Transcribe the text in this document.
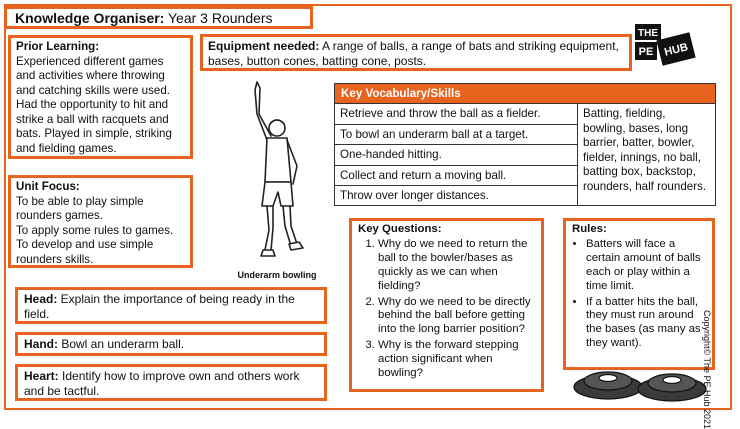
Knowledge Organiser: Year 3 Rounders
Prior Learning:
Experienced different games and activities where throwing and catching skills were used. Had the opportunity to hit and strike a ball with racquets and bats. Played in simple, striking and fielding games.
Unit Focus:
To be able to play simple rounders games.
To apply some rules to games.
To develop and use simple rounders skills.
Equipment needed: A range of balls, a range of bats and striking equipment, bases, button cones, batting cone, posts.
Underarm bowling
Key Vocabulary/Skills
Retrieve and throw the ball as a fielder.
To bowl an underarm ball at a target.
One-handed hitting.
Collect and return a moving ball.
Throw over longer distances.
Batting, fielding, bowling, bases, long barrier, batter, bowler, fielder, innings, no ball, batting box, backstop, rounders, half rounders.
Head: Explain the importance of being ready in the field.
Hand: Bowl an underarm ball.
Heart: Identify how to improve own and others work and be tactful.
Key Questions:
1. Why do we need to return the ball to the bowler/bases as quickly as we can when fielding?
2. Why do we need to be directly behind the ball before getting into the long barrier position?
3. Why is the forward stepping action significant when bowling?
Rules:
• Batters will face a certain amount of balls each or play within a time limit.
• If a batter hits the ball, they must run around the bases (as many as they want).
THE
PE HUB
Copyright© The PE Hub 2021
